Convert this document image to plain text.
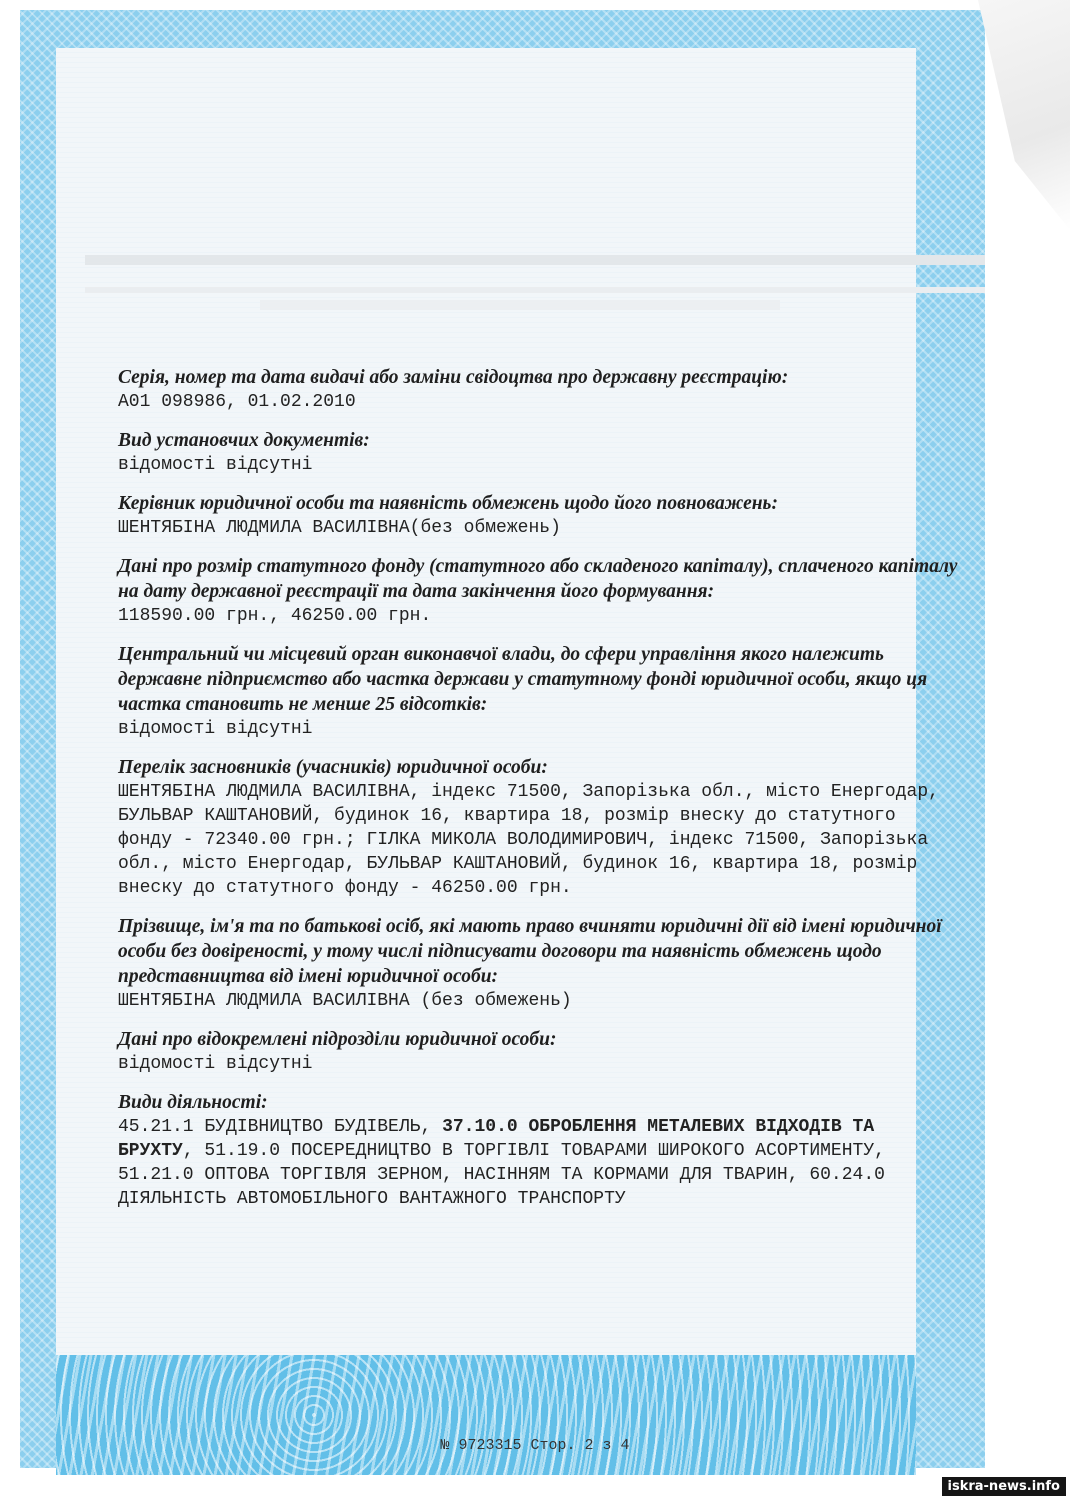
Серія, номер та дата видачі або заміни свідоцтва про державну реєстрацію:

А01 098986, 01.02.2010

Вид установчих документів:

відомості відсутні

Керівник юридичної особи та наявність обмежень щодо його повноважень:

ШЕНТЯБІНА ЛЮДМИЛА ВАСИЛІВНА(без обмежень)

Дані про розмір статутного фонду (статутного або складеного капіталу), сплаченого капіталу на дату державної реєстрації та дата закінчення його формування:

118590.00 грн., 46250.00 грн.

Центральний чи місцевий орган виконавчої влади, до сфери управління якого належить державне підприємство або частка держави у статутному фонді юридичної особи, якщо ця частка становить не менше 25 відсотків:

відомості відсутні

Перелік засновників (учасників) юридичної особи:

ШЕНТЯБІНА ЛЮДМИЛА ВАСИЛІВНА, індекс 71500, Запорізька обл., місто Енергодар, БУЛЬВАР КАШТАНОВИЙ, будинок 16, квартира 18, розмір внеску до статутного фонду - 72340.00 грн.; ГІЛКА МИКОЛА ВОЛОДИМИРОВИЧ, індекс 71500, Запорізька обл., місто Енергодар, БУЛЬВАР КАШТАНОВИЙ, будинок 16, квартира 18, розмір внеску до статутного фонду - 46250.00 грн.

Прізвище, ім'я та по батькові осіб, які мають право вчиняти юридичні дії від імені юридичної особи без довіреності, у тому числі підписувати договори та наявність обмежень щодо представництва від імені юридичної особи:

ШЕНТЯБІНА ЛЮДМИЛА ВАСИЛІВНА (без обмежень)

Дані про відокремлені підрозділи юридичної особи:

відомості відсутні

Види діяльності:

45.21.1 БУДІВНИЦТВО БУДІВЕЛЬ, 37.10.0 ОБРОБЛЕННЯ МЕТАЛЕВИХ ВІДХОДІВ ТА БРУХТУ, 51.19.0 ПОСЕРЕДНИЦТВО В ТОРГІВЛІ ТОВАРАМИ ШИРОКОГО АСОРТИМЕНТУ, 51.21.0 ОПТОВА ТОРГІВЛЯ ЗЕРНОМ, НАСІННЯМ ТА КОРМАМИ ДЛЯ ТВАРИН, 60.24.0 ДІЯЛЬНІСТЬ АВТОМОБІЛЬНОГО ВАНТАЖНОГО ТРАНСПОРТУ

№ 9723315 Стор. 2 з 4
iskra-news.info
